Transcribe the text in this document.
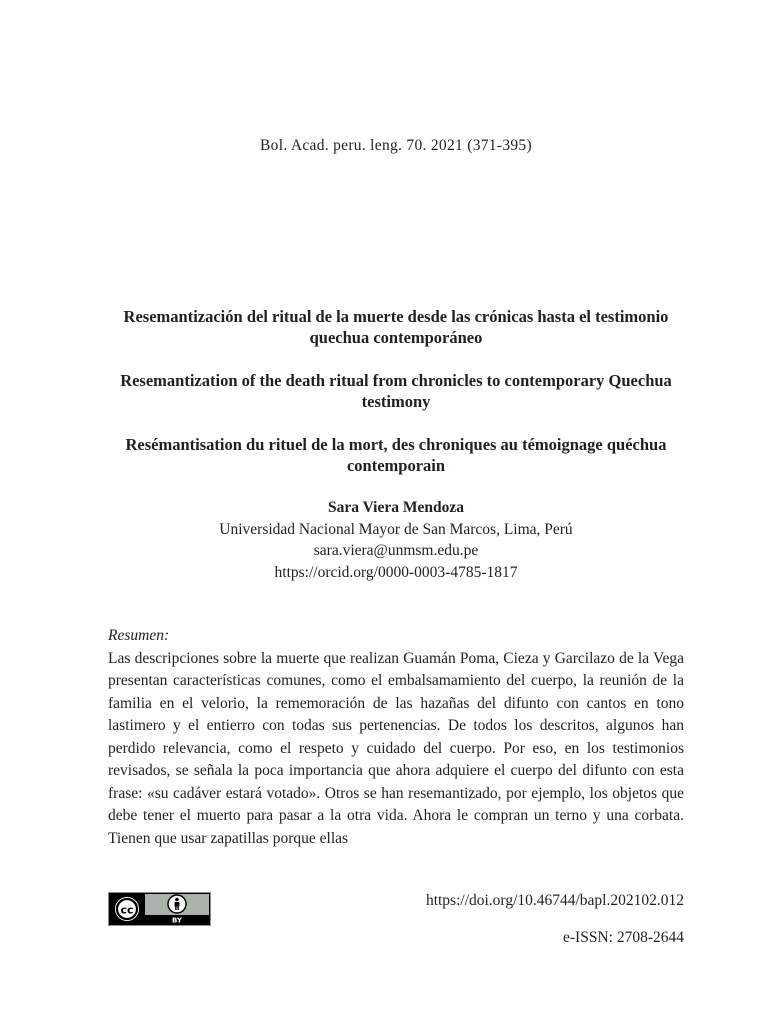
Bol. Acad. peru. leng. 70. 2021 (371-395)

Resemantización del ritual de la muerte desde las crónicas hasta el testimonio quechua contemporáneo

Resemantization of the death ritual from chronicles to contemporary Quechua testimony

Resémantisation du rituel de la mort, des chroniques au témoignage quéchua contemporain

Sara Viera Mendoza
Universidad Nacional Mayor de San Marcos, Lima, Perú
sara.viera@unmsm.edu.pe
https://orcid.org/0000-0003-4785-1817
Resumen:
Las descripciones sobre la muerte que realizan Guamán Poma, Cieza y Garcilazo de la Vega presentan características comunes, como el embalsamamiento del cuerpo, la reunión de la familia en el velorio, la rememoración de las hazañas del difunto con cantos en tono lastimero y el entierro con todas sus pertenencias. De todos los descritos, algunos han perdido relevancia, como el respeto y cuidado del cuerpo. Por eso, en los testimonios revisados, se señala la poca importancia que ahora adquiere el cuerpo del difunto con esta frase: «su cadáver estará votado». Otros se han resemantizado, por ejemplo, los objetos que debe tener el muerto para pasar a la otra vida. Ahora le compran un terno y una corbata. Tienen que usar zapatillas porque ellas
cc
BY
https://doi.org/10.46744/bapl.202102.012
e-ISSN: 2708-2644
